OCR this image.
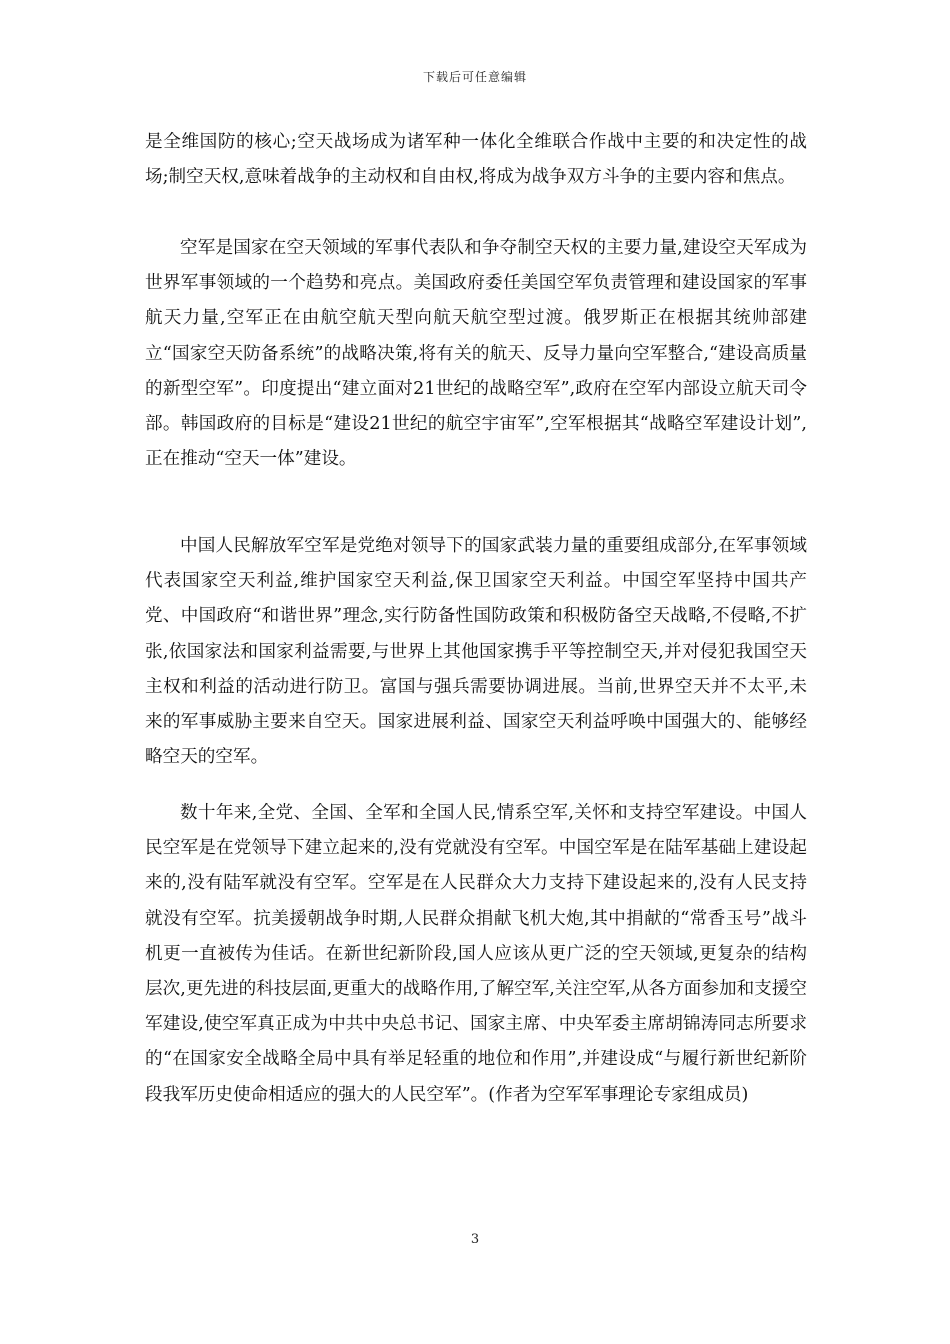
下载后可任意编辑

是全维国防的核心;空天战场成为诸军种一体化全维联合作战中主要的和决定性的战场;制空天权,意味着战争的主动权和自由权,将成为战争双方斗争的主要内容和焦点。

空军是国家在空天领域的军事代表队和争夺制空天权的主要力量,建设空天军成为世界军事领域的一个趋势和亮点。美国政府委任美国空军负责管理和建设国家的军事航天力量,空军正在由航空航天型向航天航空型过渡。俄罗斯正在根据其统帅部建立“国家空天防备系统”的战略决策,将有关的航天、反导力量向空军整合,“建设高质量的新型空军”。印度提出“建立面对21世纪的战略空军”,政府在空军内部设立航天司令部。韩国政府的目标是“建设21世纪的航空宇宙军”,空军根据其“战略空军建设计划”,正在推动“空天一体”建设。

中国人民解放军空军是党绝对领导下的国家武装力量的重要组成部分,在军事领域代表国家空天利益,维护国家空天利益,保卫国家空天利益。中国空军坚持中国共产党、中国政府“和谐世界”理念,实行防备性国防政策和积极防备空天战略,不侵略,不扩张,依国家法和国家利益需要,与世界上其他国家携手平等控制空天,并对侵犯我国空天主权和利益的活动进行防卫。富国与强兵需要协调进展。当前,世界空天并不太平,未来的军事威胁主要来自空天。国家进展利益、国家空天利益呼唤中国强大的、能够经略空天的空军。

数十年来,全党、全国、全军和全国人民,情系空军,关怀和支持空军建设。中国人民空军是在党领导下建立起来的,没有党就没有空军。中国空军是在陆军基础上建设起来的,没有陆军就没有空军。空军是在人民群众大力支持下建设起来的,没有人民支持就没有空军。抗美援朝战争时期,人民群众捐献飞机大炮,其中捐献的“常香玉号”战斗机更一直被传为佳话。在新世纪新阶段,国人应该从更广泛的空天领域,更复杂的结构层次,更先进的科技层面,更重大的战略作用,了解空军,关注空军,从各方面参加和支援空军建设,使空军真正成为中共中央总书记、国家主席、中央军委主席胡锦涛同志所要求的“在国家安全战略全局中具有举足轻重的地位和作用”,并建设成“与履行新世纪新阶段我军历史使命相适应的强大的人民空军”。(作者为空军军事理论专家组成员)

3
